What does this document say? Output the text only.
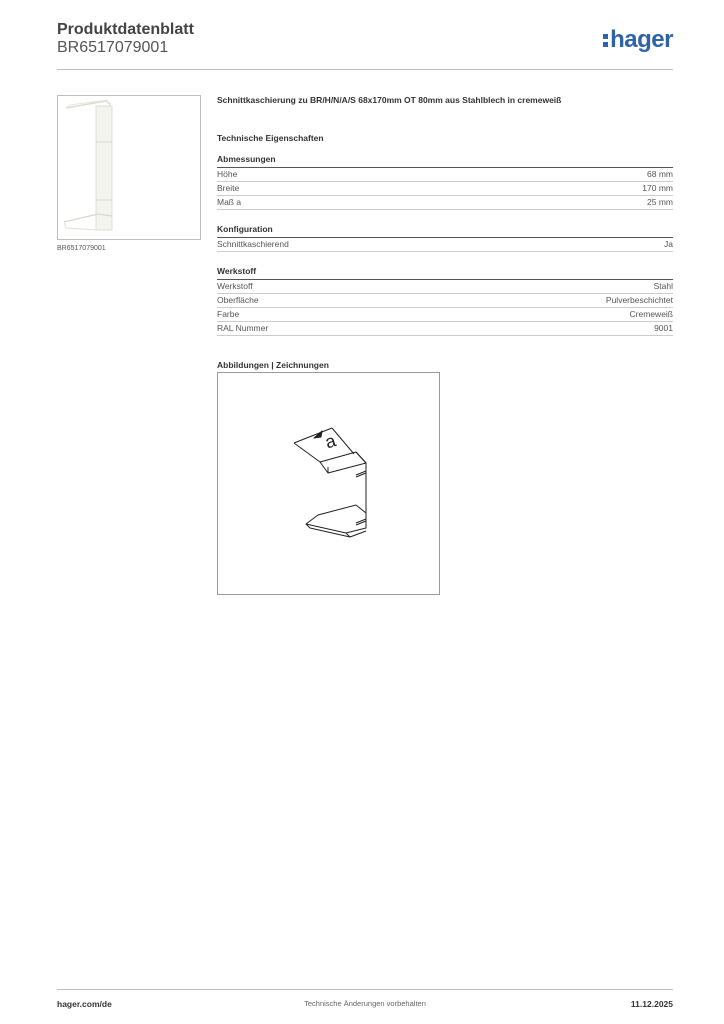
Produktdatenblatt
BR6517079001	hager
BR6517079001
Schnittkaschierung zu BR/H/N/A/S 68x170mm OT 80mm aus Stahlblech in cremeweiß
Technische Eigenschaften
Abmessungen
Höhe	68 mm
Breite	170 mm
Maß a	25 mm
Konfiguration
Schnittkaschierend	Ja
Werkstoff
Werkstoff	Stahl
Oberfläche	Pulverbeschichtet
Farbe	Cremeweiß
RAL Nummer	9001
Abbildungen | Zeichnungen
a
hager.com/de	Technische Änderungen vorbehalten	11.12.2025
